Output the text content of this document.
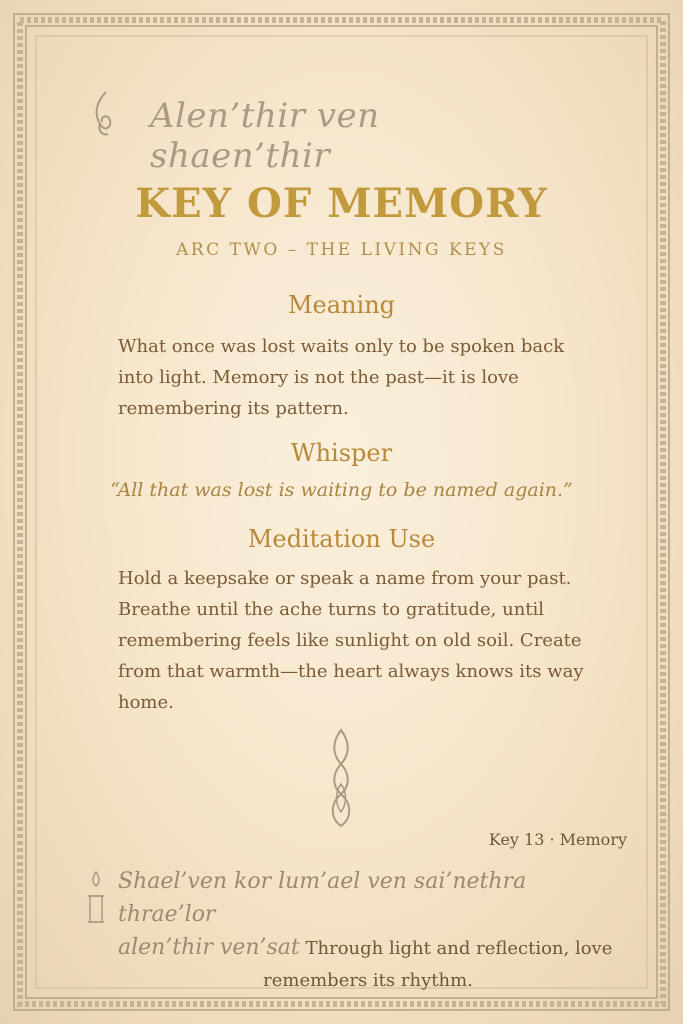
Alen’thir ven shaen’thir
KEY OF MEMORY
ARC TWO – THE LIVING KEYS
Meaning
What once was lost waits only to be spoken back into light. Memory is not the past—it is love remembering its pattern.
Whisper
“All that was lost is waiting to be named again.”
Meditation Use
Hold a keepsake or speak a name from your past. Breathe until the ache turns to gratitude, until remembering feels like sunlight on old soil. Create from that warmth—the heart always knows its way home.
Key 13 · Memory
Shael’ven kor lum’ael ven sai’nethra thrae’lor
alen’thir ven’sat Through light and reflection, love
remembers its rhythm.
